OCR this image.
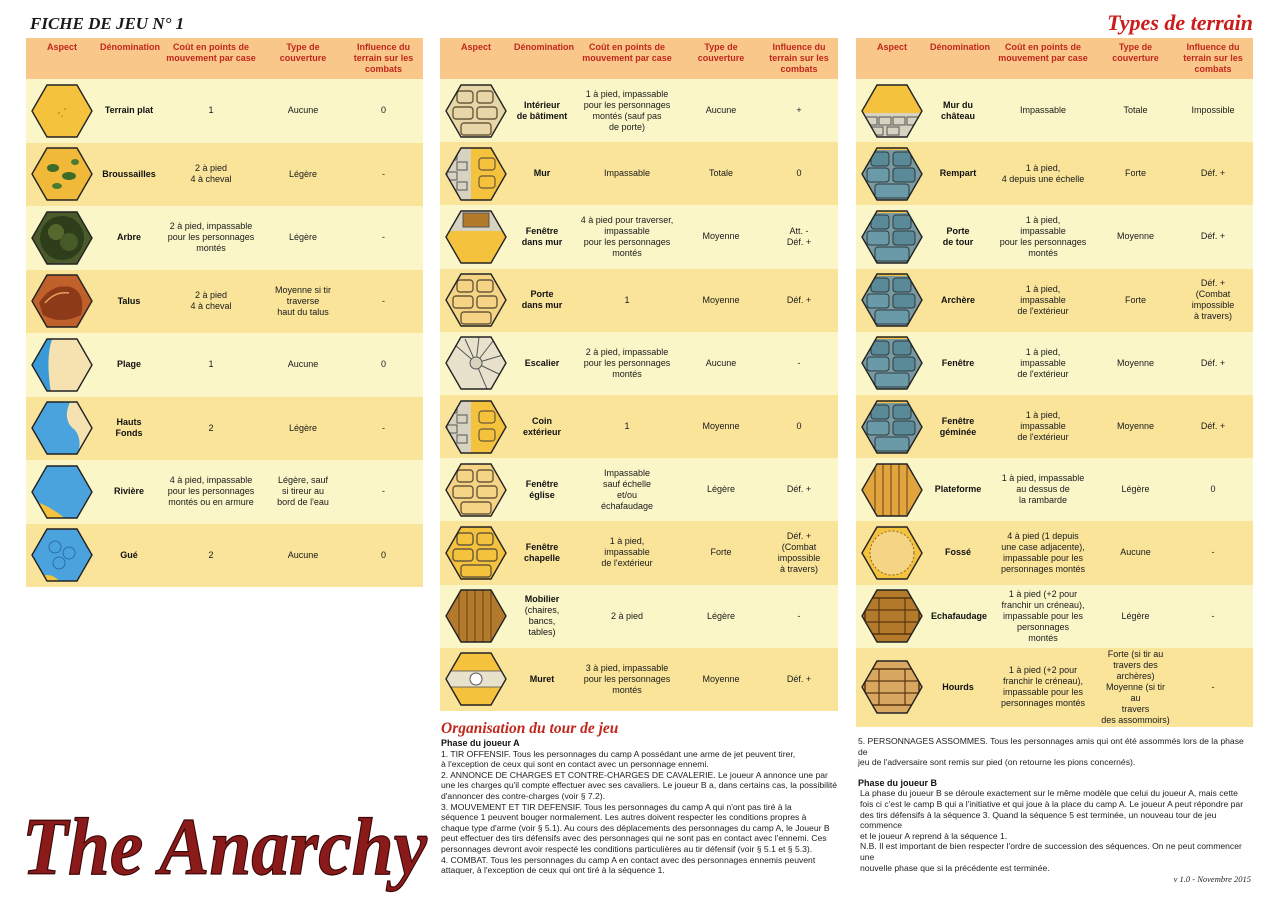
FICHE DE JEU N° 1	Types de terrain
Aspect	Dénomination	Coût en points de mouvement par case	Type de couverture	Influence du terrain sur les combats

	Terrain plat	1	Aucune	0

	Broussailles	2 à pied
4 à cheval	Légère	-

	Arbre	2 à pied, impassable
pour les personnages
montés	Légère	-

	Talus	2 à pied
4 à cheval	Moyenne si tir
traverse
haut du talus	-

	Plage	1	Aucune	0

	Hauts
Fonds	2	Légère	-

	Rivière	4 à pied, impassable
pour les personnages
montés ou en armure	Légère, sauf
si tireur au
bord de l'eau	-

	Gué	2	Aucune	0
Aspect	Dénomination	Coût en points de mouvement par case	Type de couverture	Influence du terrain sur les combats

	Intérieur
de bâtiment	1 à pied, impassable
pour les personnages
montés (sauf pas
de porte)	Aucune	+

	Mur	Impassable	Totale	0

	Fenêtre
dans mur	4 à pied pour traverser,
impassable
pour les personnages
montés	Moyenne	Att. -
Déf. +

	Porte
dans mur	1	Moyenne	Déf. +

	Escalier	2 à pied, impassable
pour les personnages
montés	Aucune	-

	Coin
extérieur	1	Moyenne	0

	Fenêtre
église	Impassable
sauf échelle
et/ou
échafaudage	Légère	Déf. +

	Fenêtre
chapelle	1 à pied,
impassable
de l'extérieur	Forte	Déf. +
(Combat impossible
à travers)

	Mobilier
(chaires,
bancs, tables)	2 à pied	Légère	-

	Muret	3 à pied, impassable
pour les personnages
montés	Moyenne	Déf. +
Aspect	Dénomination	Coût en points de mouvement par case	Type de couverture	Influence du terrain sur les combats

	Mur du
château	Impassable	Totale	Impossible

	Rempart	1 à pied,
4 depuis une échelle	Forte	Déf. +

	Porte
de tour	1 à pied,
impassable
pour les personnages
montés	Moyenne	Déf. +

	Archère	1 à pied,
impassable
de l'extérieur	Forte	Déf. +
(Combat impossible
à travers)

	Fenêtre	1 à pied,
impassable
de l'extérieur	Moyenne	Déf. +

	Fenêtre
géminée	1 à pied,
impassable
de l'extérieur	Moyenne	Déf. +

	Plateforme	1 à pied, impassable
au dessus de
la rambarde	Légère	0

	Fossé	4 à pied (1 depuis
une case adjacente),
impassable pour les
personnages montés	Aucune	-

	Echafaudage	1 à pied (+2 pour
franchir un créneau),
impassable pour les
personnages
montés	Légère	-

	Hourds	1 à pied (+2 pour
franchir le créneau),
impassable pour les
personnages montés	Forte (si tir au
travers des archères)
Moyenne (si tir au
travers
des assommoirs)	-
Organisation du tour de jeu
Phase du joueur A
1. TIR OFFENSIF. Tous les personnages du camp A possédant une arme de jet peuvent tirer,
à l'exception de ceux qui sont en contact avec un personnage ennemi.
2. ANNONCE DE CHARGES ET CONTRE-CHARGES DE CAVALERIE. Le joueur A annonce une par
une les charges qu'il compte effectuer avec ses cavaliers. Le joueur B a, dans certains cas, la possibilité
d'annoncer des contre-charges (voir § 7.2).
3. MOUVEMENT ET TIR DEFENSIF. Tous les personnages du camp A qui n'ont pas tiré à la
séquence 1 peuvent bouger normalement. Les autres doivent respecter les conditions propres à
chaque type d'arme (voir § 5.1). Au cours des déplacements des personnages du camp A, le Joueur B
peut effectuer des tirs défensifs avec des personnages qui ne sont pas en contact avec l'ennemi. Ces
personnages devront avoir respecté les conditions particulières au tir défensif (voir § 5.1 et § 5.3).
4. COMBAT. Tous les personnages du camp A en contact avec des personnages ennemis peuvent
attaquer, à l'exception de ceux qui ont tiré à la séquence 1.

5. PERSONNAGES ASSOMMES. Tous les personnages amis qui ont été assommés lors de la phase de
jeu de l'adversaire sont remis sur pied (on retourne les pions concernés).

Phase du joueur B

La phase du joueur B se déroule exactement sur le même modèle que celui du joueur A, mais cette
fois ci c'est le camp B qui a l'initiative et qui joue à la place du camp A. Le joueur A peut répondre par
des tirs défensifs à la séquence 3. Quand la séquence 5 est terminée, un nouveau tour de jeu commence
et le joueur A reprend à la séquence 1.

N.B. Il est important de bien respecter l'ordre de succession des séquences. On ne peut commencer une
nouvelle phase que si la précédente est terminée.

v 1.0 - Novembre 2015
The Anarchy
